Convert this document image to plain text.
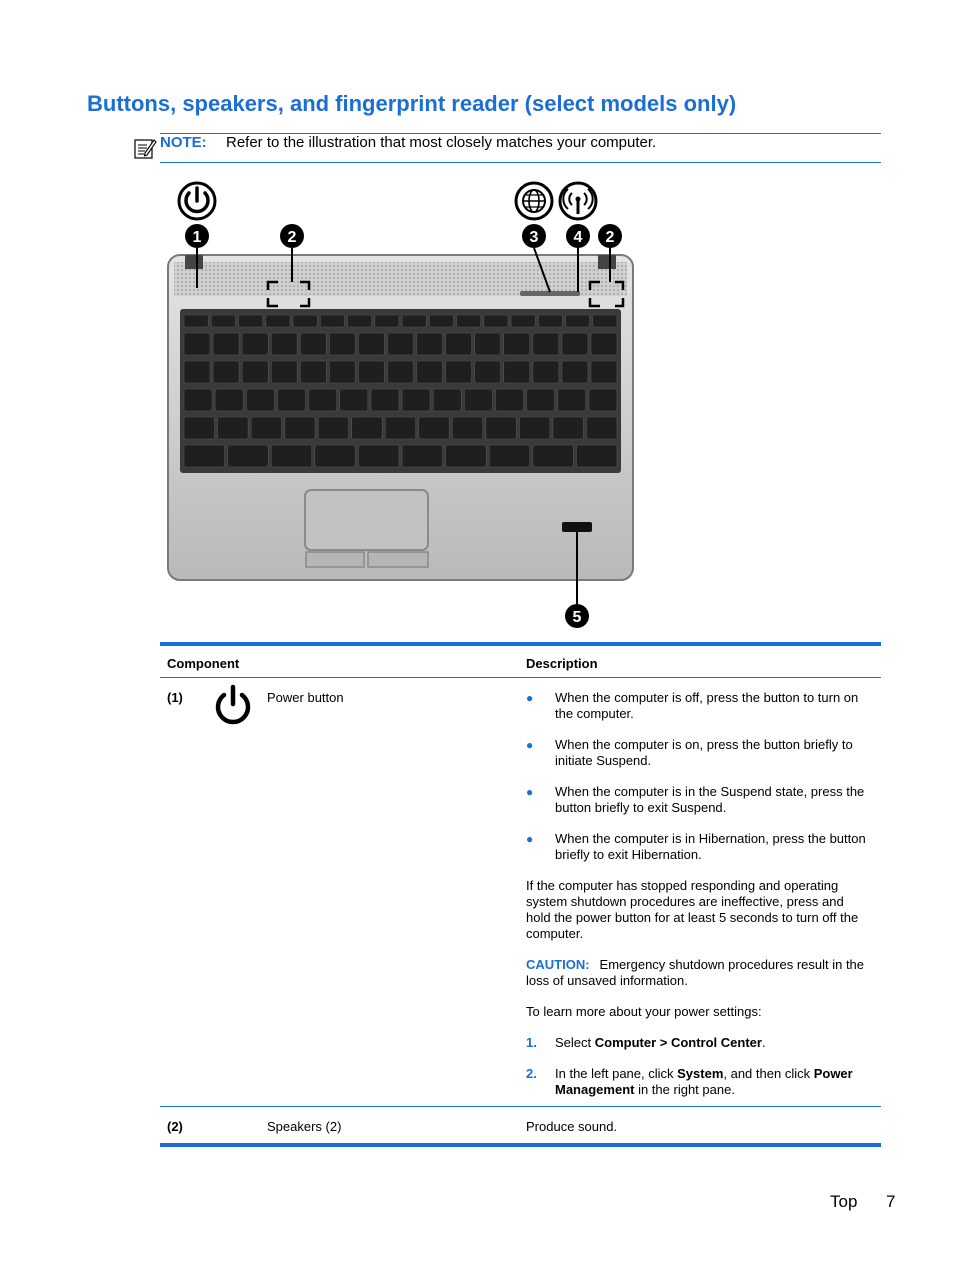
Buttons, speakers, and fingerprint reader (select models only)
NOTE: Refer to the illustration that most closely matches your computer.
1	2	3 4 2
5
Component	Description
(1)	Power button	● When the computer is off, press the button to turn on the computer.
● When the computer is on, press the button briefly to initiate Suspend.
● When the computer is in the Suspend state, press the button briefly to exit Suspend.
● When the computer is in Hibernation, press the button briefly to exit Hibernation.
If the computer has stopped responding and operating system shutdown procedures are ineffective, press and hold the power button for at least 5 seconds to turn off the computer.
CAUTION: Emergency shutdown procedures result in the loss of unsaved information.
To learn more about your power settings:
1. Select Computer > Control Center.
2. In the left pane, click System, and then click Power Management in the right pane.
(2)	Speakers (2)	Produce sound.
Top 7
